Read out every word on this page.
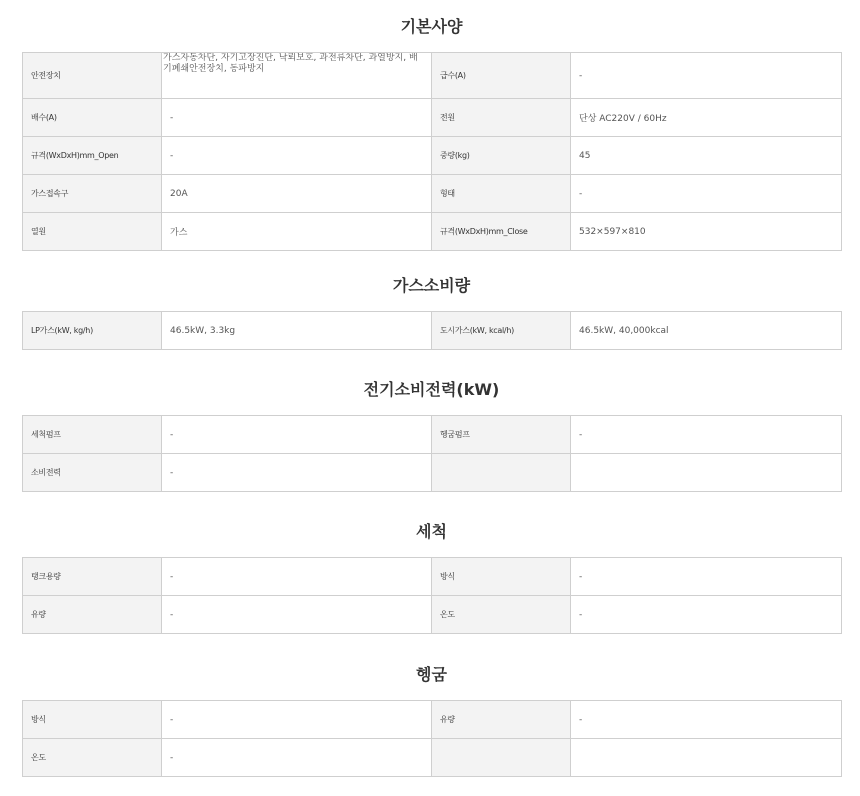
기본사양
안전장치	가스자동차단, 자기고장진단, 낙뢰보호, 과전류차단, 과열방지, 배기폐쇄안전장치, 동파방지	급수(A)	-
배수(A)	-	전원	단상 AC220V / 60Hz
규격(WxDxH)mm_Open	-	중량(kg)	45
가스접속구	20A	형태	-
열원	가스	규격(WxDxH)mm_Close	532×597×810
가스소비량
LP가스(kW, kg/h)	46.5kW, 3.3kg	도시가스(kW, kcal/h)	46.5kW, 40,000kcal
전기소비전력(kW)
세척펌프	-	헹굼펌프	-
소비전력	-		
세척
탱크용량	-	방식	-
유량	-	온도	-
헹굼
방식	-	유량	-
온도	-		
